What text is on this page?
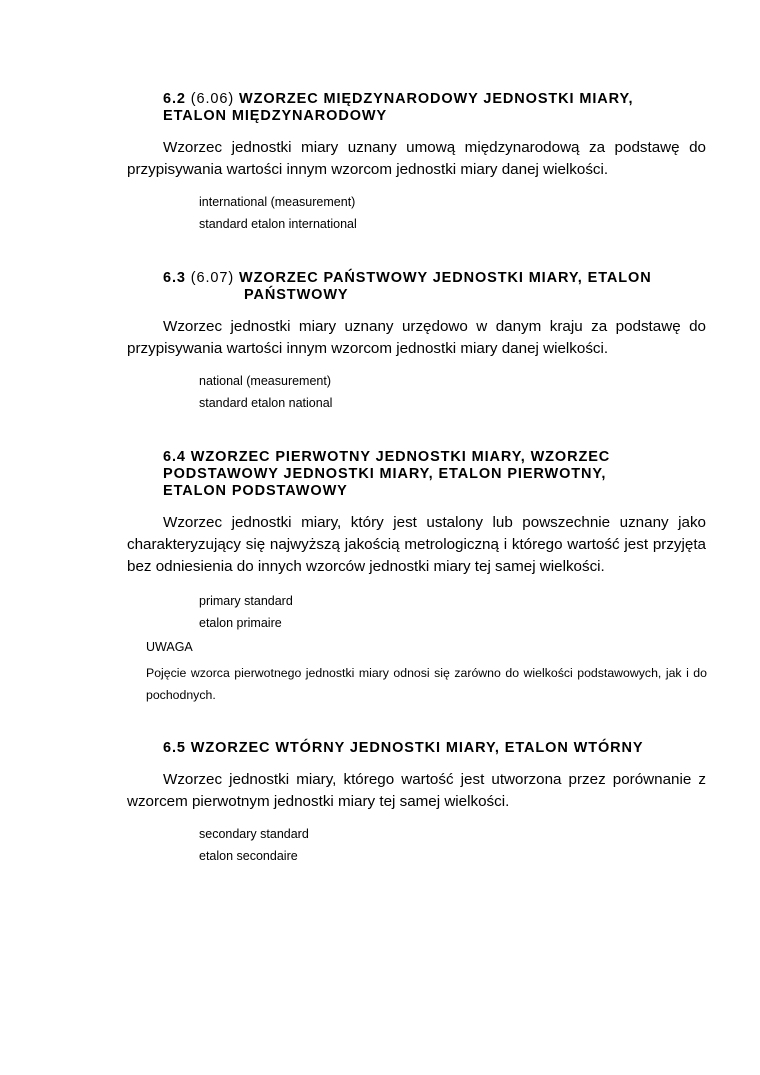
6.2 (6.06) WZORZEC MIĘDZYNARODOWY JEDNOSTKI MIARY,
ETALON MIĘDZYNARODOWY
Wzorzec jednostki miary uznany umową międzynarodową za podstawę do przypisywania wartości innym wzorcom jednostki miary danej wielkości.
international (measurement)
standard etalon international
6.3 (6.07) WZORZEC PAŃSTWOWY JEDNOSTKI MIARY, ETALON
PAŃSTWOWY
Wzorzec jednostki miary uznany urzędowo w danym kraju za podstawę do przypisywania wartości innym wzorcom jednostki miary danej wielkości.
national (measurement)
standard etalon national
6.4 WZORZEC PIERWOTNY JEDNOSTKI MIARY, WZORZEC
PODSTAWOWY JEDNOSTKI MIARY, ETALON PIERWOTNY,
ETALON PODSTAWOWY
Wzorzec jednostki miary, który jest ustalony lub powszechnie uznany jako charakteryzujący się najwyższą jakością metrologiczną i którego wartość jest przyjęta bez odniesienia do innych wzorców jednostki miary tej samej wielkości.
primary standard
etalon primaire
UWAGA
Pojęcie wzorca pierwotnego jednostki miary odnosi się zarówno do wielkości podstawowych, jak i do pochodnych.
6.5 WZORZEC WTÓRNY JEDNOSTKI MIARY, ETALON WTÓRNY
Wzorzec jednostki miary, którego wartość jest utworzona przez porównanie z wzorcem pierwotnym jednostki miary tej samej wielkości.
secondary standard
etalon secondaire
